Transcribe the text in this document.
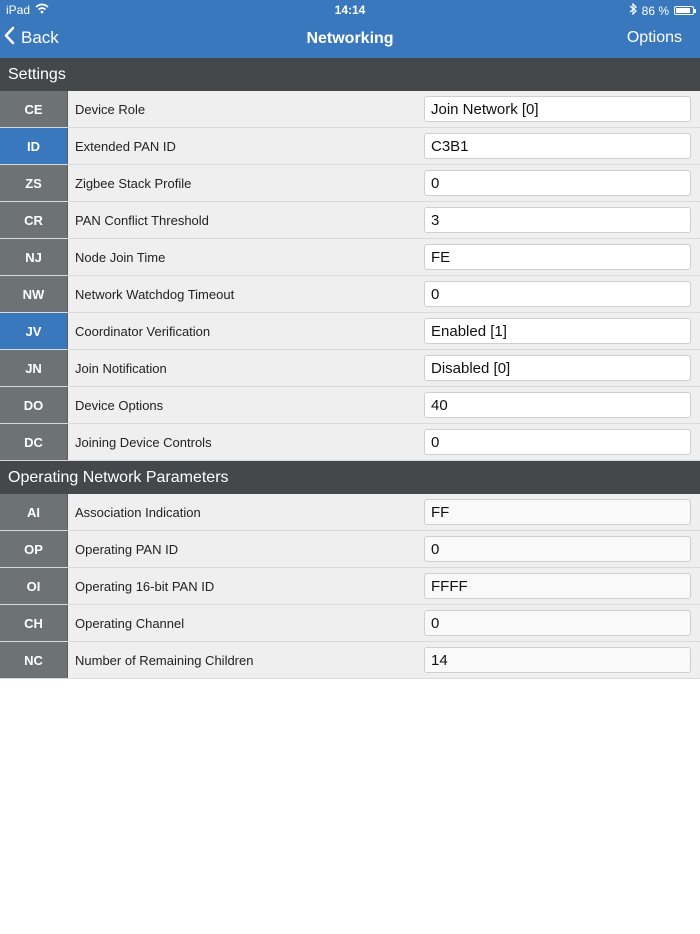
iPad	14:14	86 %
Back	Networking	Options
Settings
CE	Device Role	Join Network [0]
ID	Extended PAN ID	C3B1
ZS	Zigbee Stack Profile	0
CR	PAN Conflict Threshold	3
NJ	Node Join Time	FE
NW	Network Watchdog Timeout	0
JV	Coordinator Verification	Enabled [1]
JN	Join Notification	Disabled [0]
DO	Device Options	40
DC	Joining Device Controls	0
Operating Network Parameters
AI	Association Indication	FF
OP	Operating PAN ID	0
OI	Operating 16-bit PAN ID	FFFF
CH	Operating Channel	0
NC	Number of Remaining Children	14
